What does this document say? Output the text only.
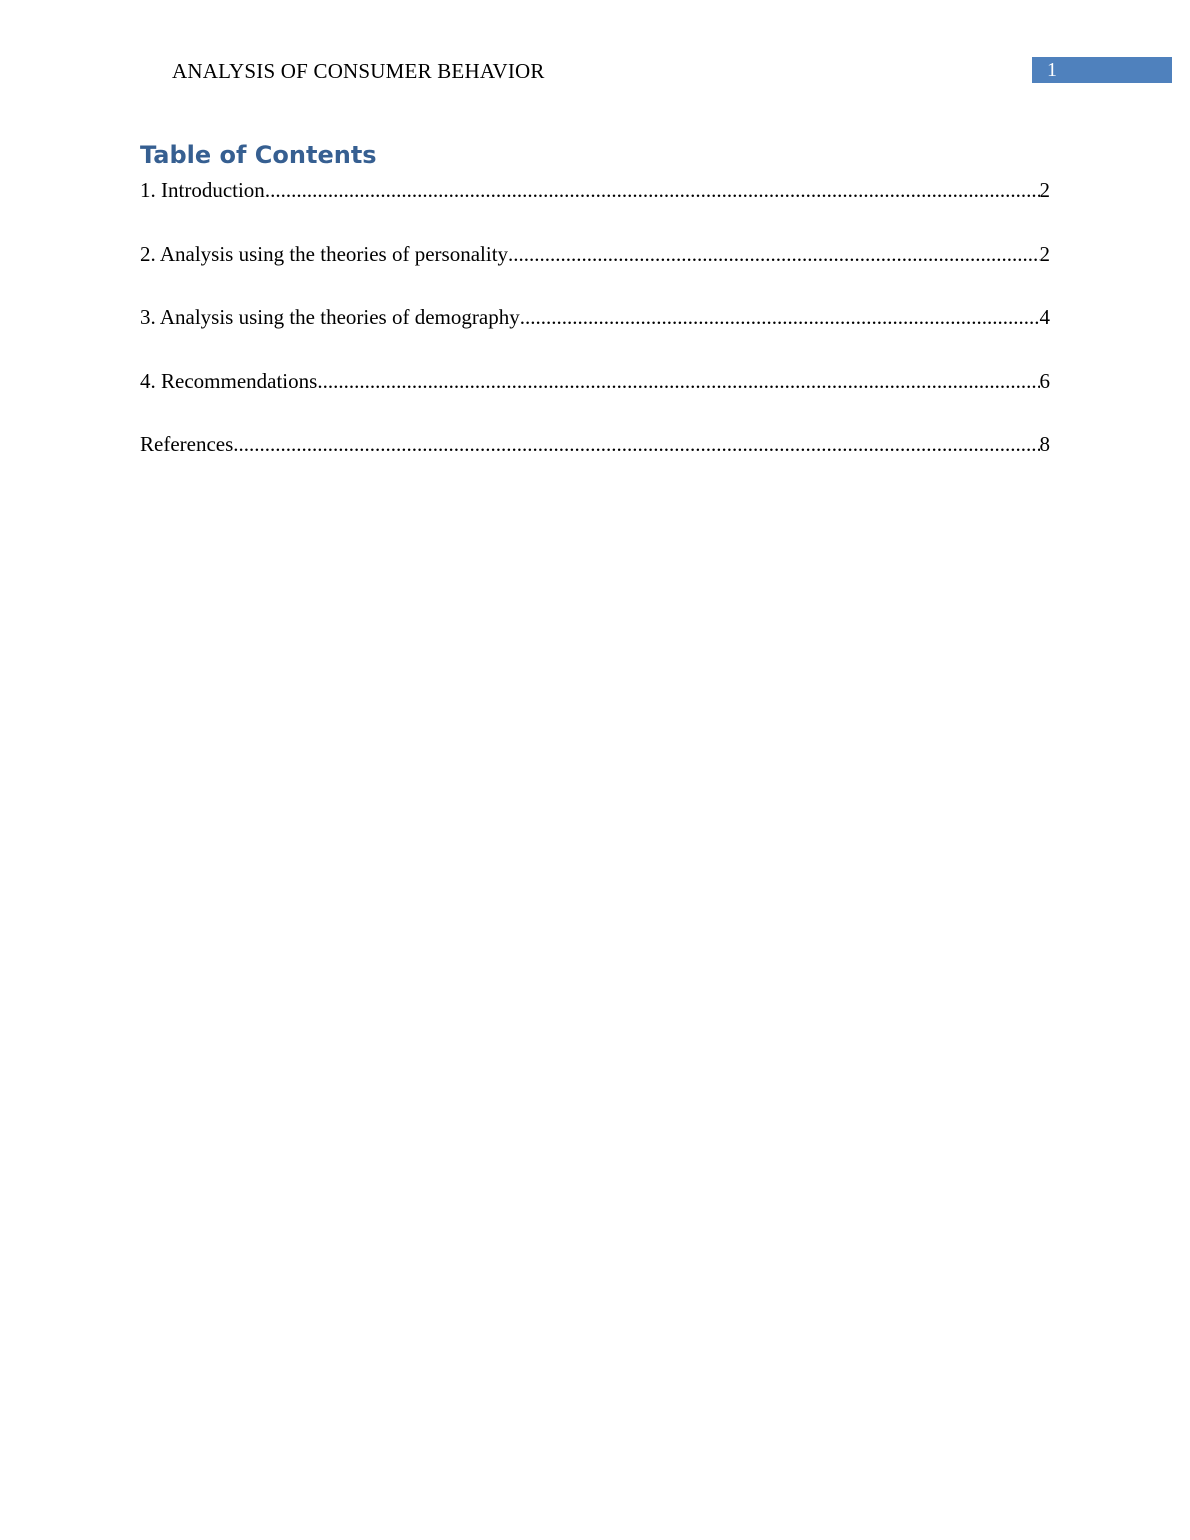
ANALYSIS OF CONSUMER BEHAVIOR	1
Table of Contents
1. Introduction .....	2
2. Analysis using the theories of personality .....	2
3. Analysis using the theories of demography .....	4
4. Recommendations .....	6
References .....	8
